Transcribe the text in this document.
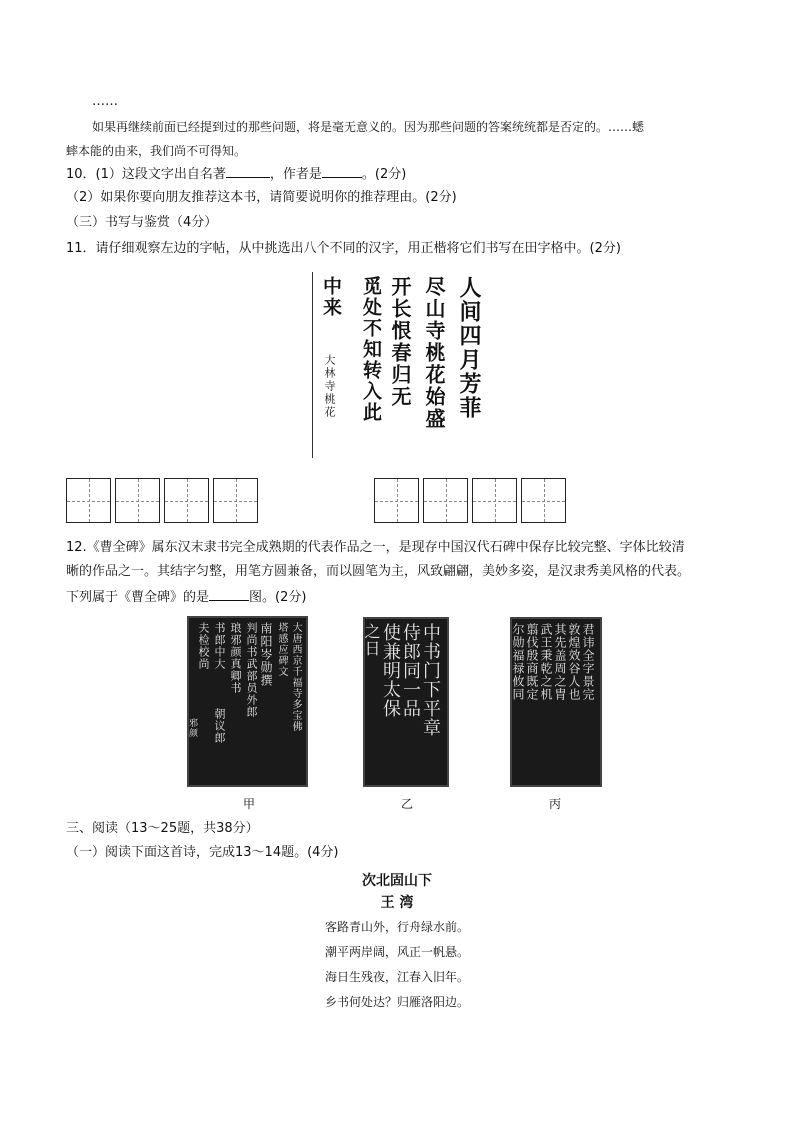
……
如果再继续前面已经提到过的那些问题，将是毫无意义的。因为那些问题的答案统统都是否定的。……蟋
蟀本能的由来，我们尚不可得知。
10．(1）这段文字出自名著	，作者是	。(2分)
（2）如果你要向朋友推荐这本书，请简要说明你的推荐理由。(2分)
（三）书写与鉴赏（4分）
11．请仔细观察左边的字帖，从中挑选出八个不同的汉字，用正楷将它们书写在田字格中。(2分)
人间四月芳菲
尽山寺桃花始盛
开长恨春归无
觅处不知转入此
中来
大林寺桃花
12.《曹全碑》属东汉末隶书完全成熟期的代表作品之一，是现存中国汉代石碑中保存比较完整、字体比较清
晰的作品之一。其结字匀整，用笔方圆兼备，而以圆笔为主，风致翩翩，美妙多姿，是汉隶秀美风格的代表。
下列属于《曹全碑》的是	图。(2分)
大唐西京千福寺多宝佛
塔感应碑文
南阳岑勋撰
判尚书武部员外郎
琅邪颜真卿书
朝议郎
书郎中大
夫检校尚
邪颜
甲
中书门下平章
侍郎同一品
使兼明太保
之日
乙
君讳全字景完
敦煌效谷人也
其先盖周之胄
武王秉乾之机
翦伐殷商既定
尔勋福禄攸同
丙
三、阅读（13～25题，共38分）
（一）阅读下面这首诗，完成13～14题。(4分)
次北固山下
王 湾
客路青山外，行舟绿水前。
潮平两岸阔，风正一帆悬。
海日生残夜，江春入旧年。
乡书何处达？归雁洛阳边。
